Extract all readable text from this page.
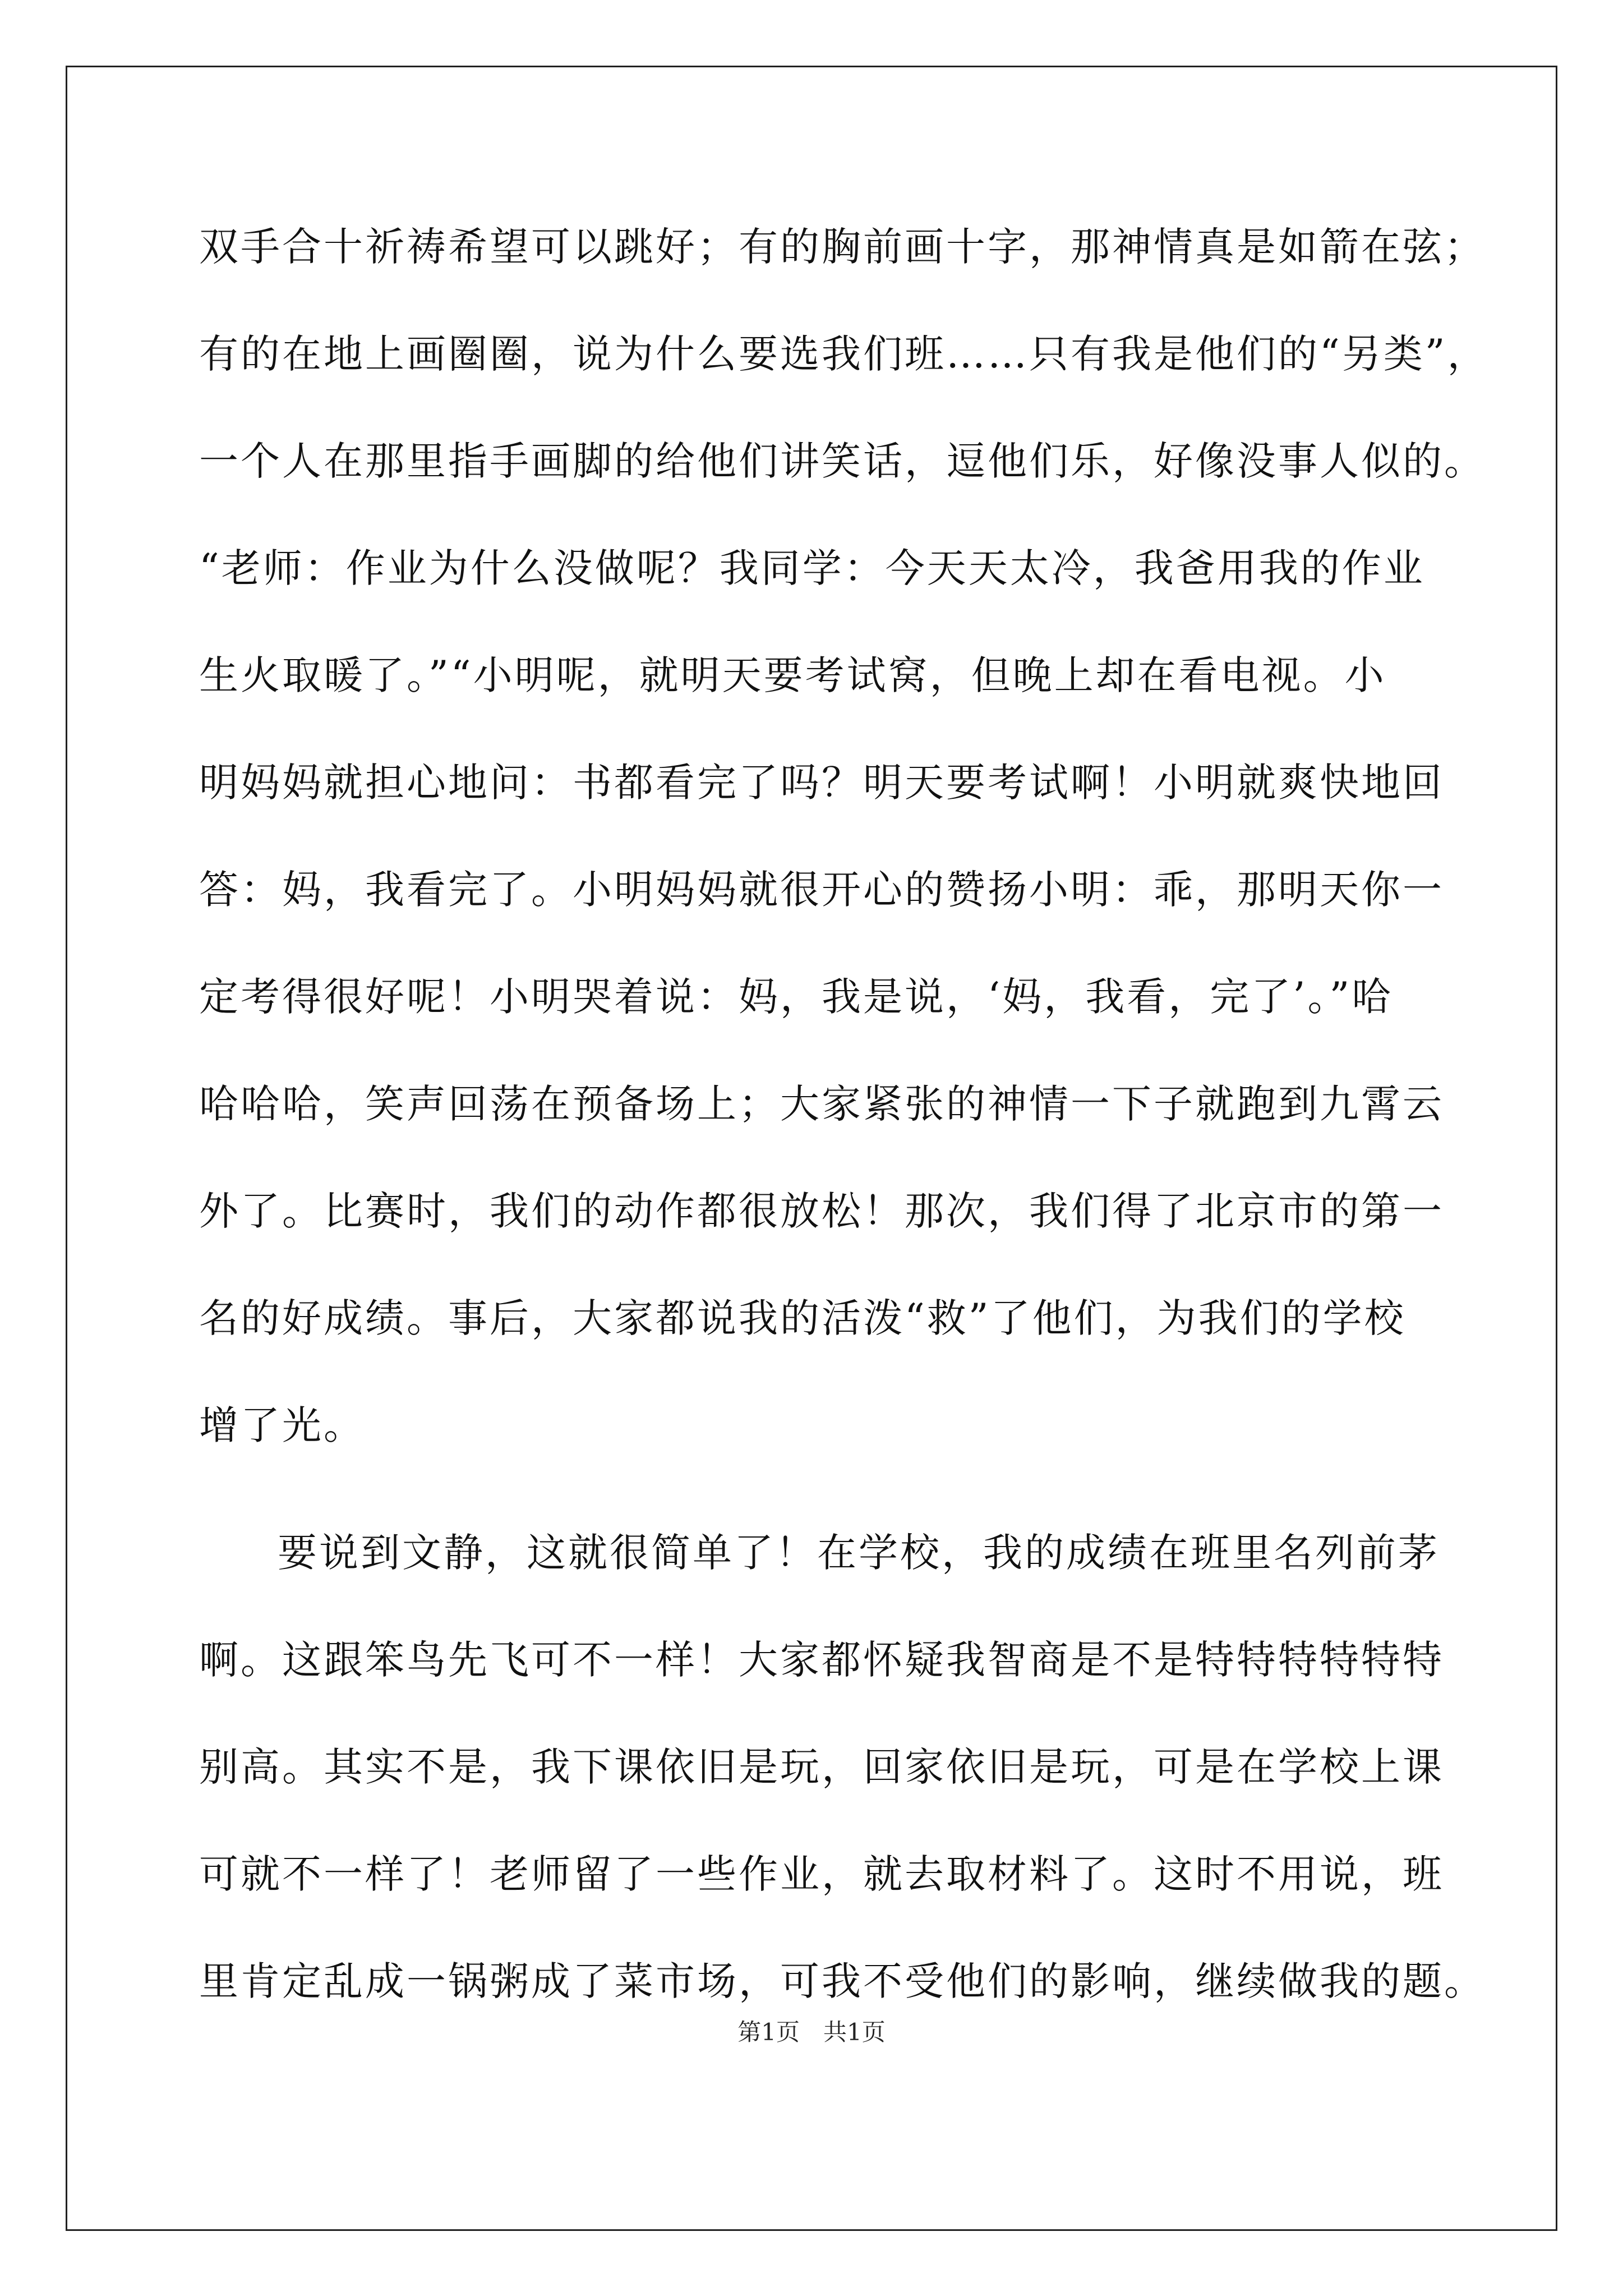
双手合十祈祷希望可以跳好；有的胸前画十字，那神情真是如箭在弦；
有的在地上画圈圈，说为什么要选我们班……只有我是他们的“另类”，
一个人在那里指手画脚的给他们讲笑话，逗他们乐，好像没事人似的。
“老师：作业为什么没做呢？我同学：今天天太冷，我爸用我的作业
生火取暖了。”“小明呢，就明天要考试窝，但晚上却在看电视。小
明妈妈就担心地问：书都看完了吗？明天要考试啊！小明就爽快地回
答：妈，我看完了。小明妈妈就很开心的赞扬小明：乖，那明天你一
定考得很好呢！小明哭着说：妈，我是说，‘妈，我看，完了’。”哈
哈哈哈，笑声回荡在预备场上；大家紧张的神情一下子就跑到九霄云
外了。比赛时，我们的动作都很放松！那次，我们得了北京市的第一
名的好成绩。事后，大家都说我的活泼“救”了他们，为我们的学校
增了光。
要说到文静，这就很简单了！在学校，我的成绩在班里名列前茅
啊。这跟笨鸟先飞可不一样！大家都怀疑我智商是不是特特特特特特
别高。其实不是，我下课依旧是玩，回家依旧是玩，可是在学校上课
可就不一样了！老师留了一些作业，就去取材料了。这时不用说，班
里肯定乱成一锅粥成了菜市场，可我不受他们的影响，继续做我的题。
第1页　共1页
